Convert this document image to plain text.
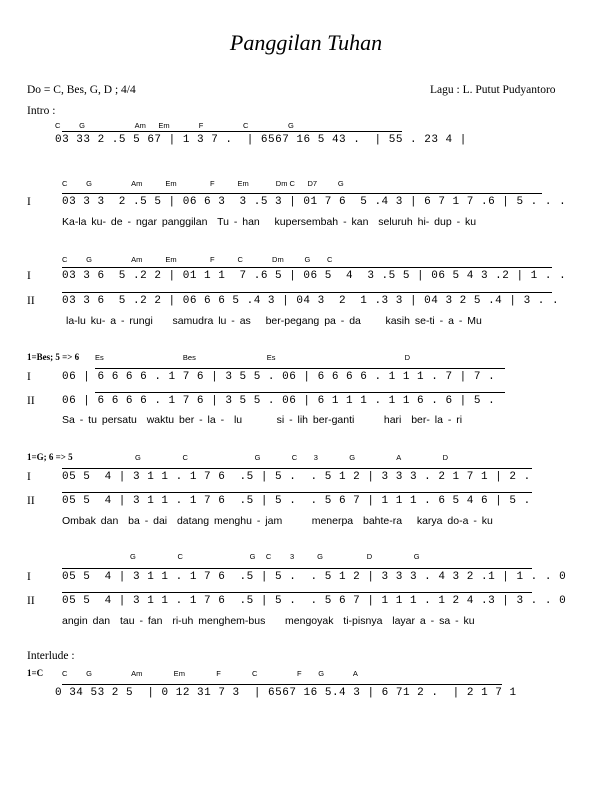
Panggilan Tuhan
Do = C, Bes, G, D ; 4/4	Lagu : L. Putut Pudyantoro
Intro :
C         G                        Am      Em              F                   C                   G
03 33 2 .5 5 67 | 1 3 7 .  | 6567 16 5 43 .  | 55 . 23 4 |
C         G                   Am           Em                F           Em             Dm C      D7          G
I	03 3 3  2 .5 5 | 06 6 3  3 .5 3 | 01 7 6  5 .4 3 | 6 7 1 7 .6 | 5 . . .
Ka-la ku- de - ngar panggilan  Tu - han   kupersembah - kan  seluruh hi- dup - ku
C         G                   Am           Em                F           C              Dm          G        C
I	03 3 6  5 .2 2 | 01 1 1  7 .6 5 | 06 5  4  3 .5 5 | 06 5 4 3 .2 | 1 . .
II 03 3 6  5 .2 2 | 06 6 6 5 .4 3 | 04 3  2  1 .3 3 | 04 3 2 5 .4 | 3 . .
la-lu ku- a - rungi    samudra lu - as   ber-pegang pa - da     kasih se-ti - a - Mu
1=Bes; 5 => 6 Es                                      Bes                                  Es                                                              D
I	06 | 6 6 6 6 . 1 7 6 | 3 5 5 . 06 | 6 6 6 6 . 1 1 1 . 7 | 7 .
II 06 | 6 6 6 6 . 1 7 6 | 3 5 5 . 06 | 6 1 1 1 . 1 1 6 . 6 | 5 .
Sa - tu persatu  waktu ber - la -  lu       si - lih ber-ganti      hari  ber- la - ri
1=G; 6 => 5	G                    C                                G               C        3               G                    A                    D
I	05 5  4 | 3 1 1 . 1 7 6  .5 | 5 .  . 5 1 2 | 3 3 3 . 2 1 7 1 | 2 .
II 05 5  4 | 3 1 1 . 1 7 6  .5 | 5 .  . 5 6 7 | 1 1 1 . 6 5 4 6 | 5 .
Ombak dan  ba - dai  datang menghu - jam      menerpa  bahte-ra   karya do-a - ku
G                    C                                G     C         3           G                     D                    G
I	05 5  4 | 3 1 1 . 1 7 6  .5 | 5 .  . 5 1 2 | 3 3 3 . 4 3 2 .1 | 1 . . 0
II 05 5  4 | 3 1 1 . 1 7 6  .5 | 5 .  . 5 6 7 | 1 1 1 . 1 2 4 .3 | 3 . . 0
angin dan  tau - fan  ri-uh menghem-bus    mengoyak  ti-pisnya  layar a - sa - ku
Interlude :
1=C	C         G                   Am               Em               F               C                   F        G              A
0 34 53 2 5  | 0 12 31 7 3  | 6567 16 5.4 3 | 6 71 2 .  | 2 1 7 1
